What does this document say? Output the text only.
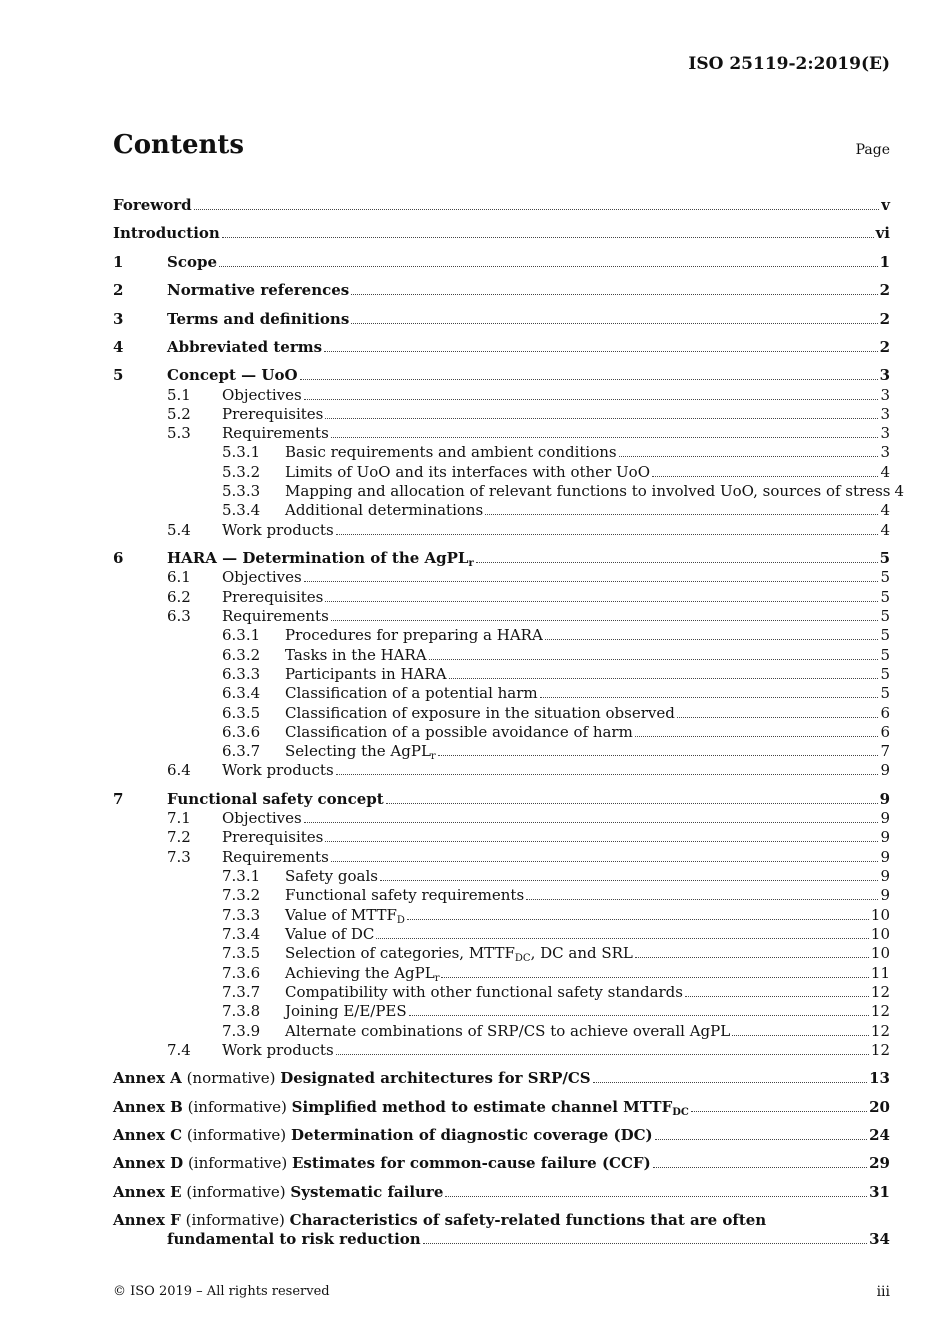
ISO 25119-2:2019(E)
Contents	Page
Foreword	v
Introduction	vi
1	Scope	1
2	Normative references	2
3	Terms and definitions	2
4	Abbreviated terms	2
5	Concept — UoO	3
5.1 Objectives	3
5.2 Prerequisites	3
5.3 Requirements	3
5.3.1 Basic requirements and ambient conditions	3
5.3.2 Limits of UoO and its interfaces with other UoO	4
5.3.3 Mapping and allocation of relevant functions to involved UoO, sources of stress 4
5.3.4 Additional determinations	4
5.4 Work products	4
6	HARA — Determination of the AgPL$_r$	5
6.1 Objectives	5
6.2 Prerequisites	5
6.3 Requirements	5
6.3.1 Procedures for preparing a HARA	5
6.3.2 Tasks in the HARA	5
6.3.3 Participants in HARA	5
6.3.4 Classification of a potential harm	5
6.3.5 Classification of exposure in the situation observed	6
6.3.6 Classification of a possible avoidance of harm	6
6.3.7 Selecting the AgPL$_r$	7
6.4 Work products	9
7	Functional safety concept	9
7.1 Objectives	9
7.2 Prerequisites	9
7.3 Requirements	9
7.3.1 Safety goals	9
7.3.2 Functional safety requirements	9
7.3.3 Value of $MTTF_D$	10
7.3.4 Value of DC	10
7.3.5 Selection of categories, $MTTF_{DC}$, DC and SRL	10
7.3.6 Achieving the AgPL$_r$	11
7.3.7 Compatibility with other functional safety standards	12
7.3.8 Joining E/E/PES	12
7.3.9 Alternate combinations of SRP/CS to achieve overall AgPL	12
7.4 Work products	12
Annex A (normative) Designated architectures for SRP/CS	13
Annex B (informative) Simplified method to estimate channel $MTTF_{DC}$	20
Annex C (informative) Determination of diagnostic coverage (DC)	24
Annex D (informative) Estimates for common-cause failure (CCF)	29
Annex E (informative) Systematic failure	31
Annex F (informative) Characteristics of safety-related functions that are often
fundamental to risk reduction	34
© ISO 2019 – All rights reserved	iii
